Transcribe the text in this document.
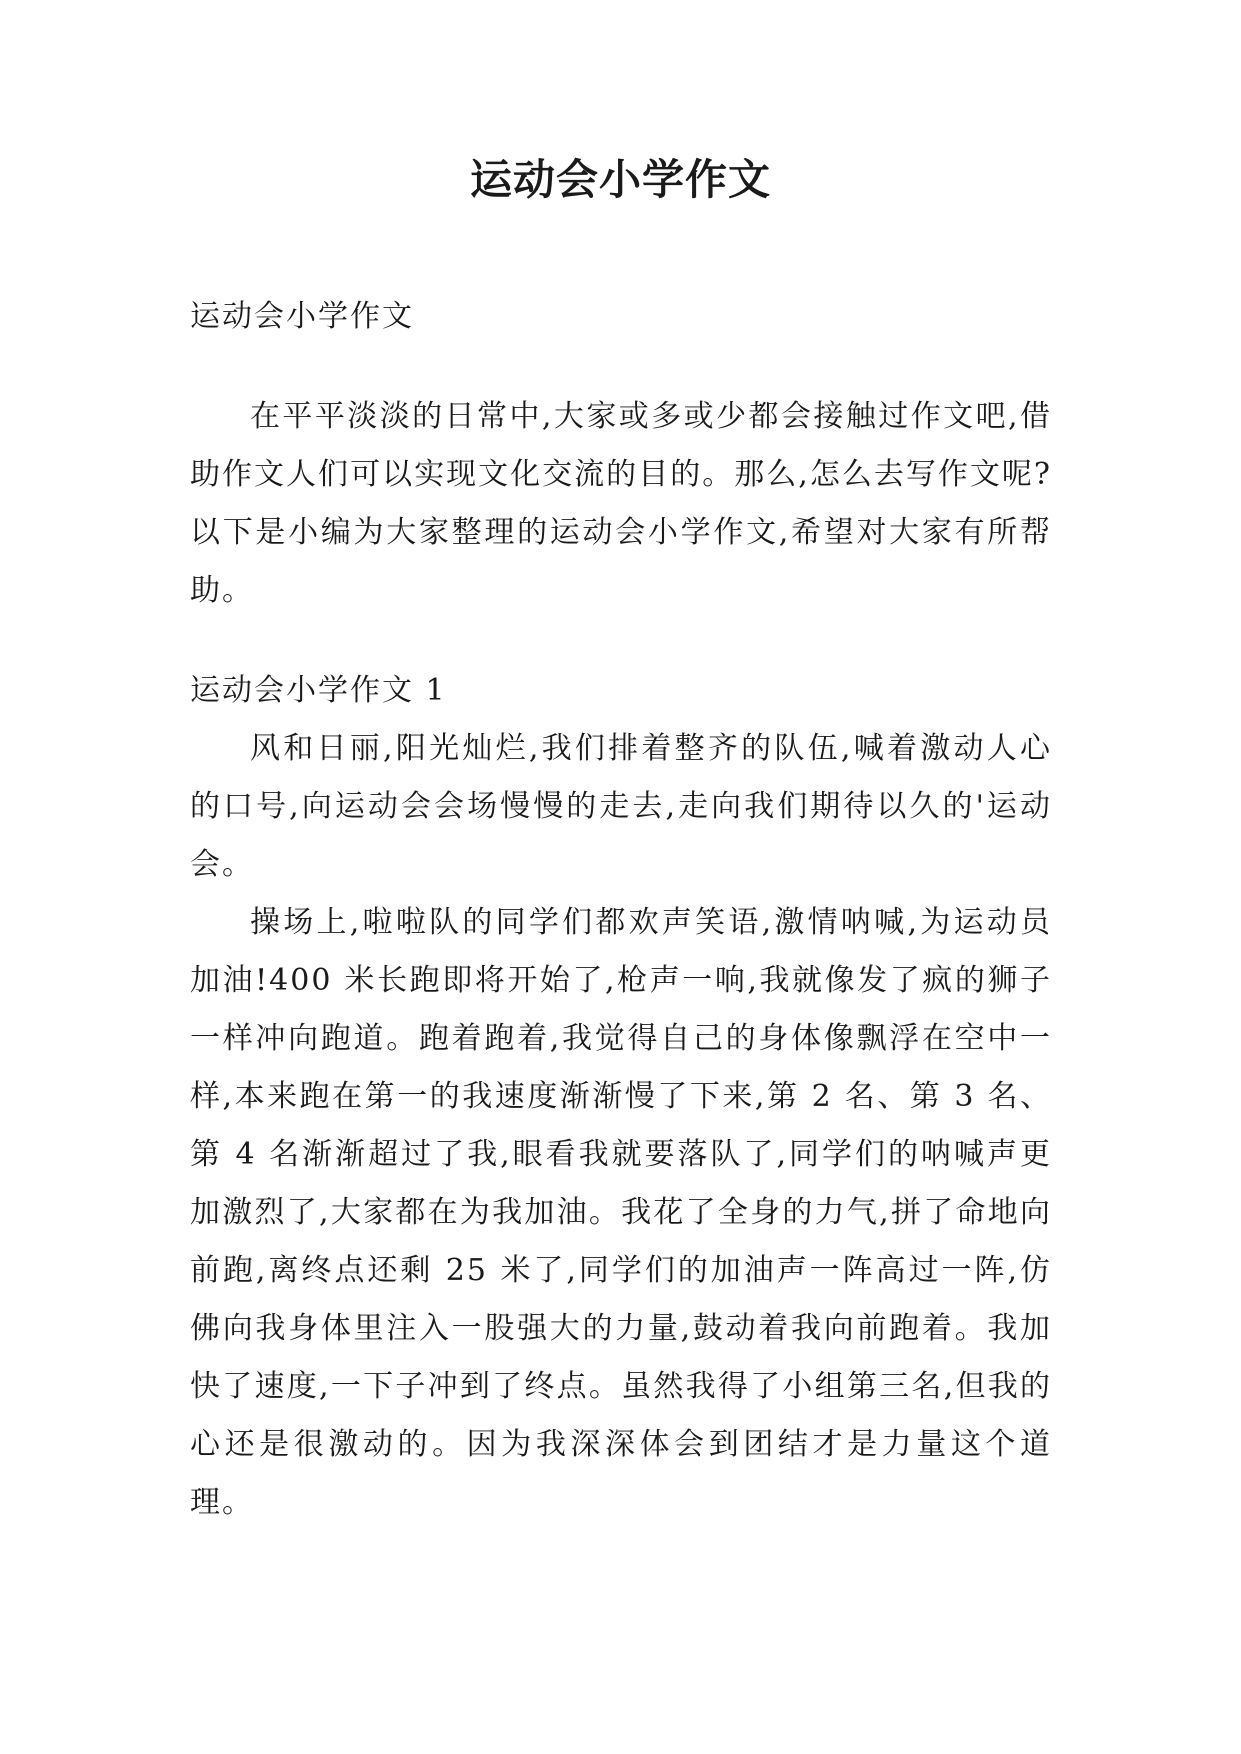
运动会小学作文

运动会小学作文

在平平淡淡的日常中,大家或多或少都会接触过作文吧,借助作文人们可以实现文化交流的目的。那么,怎么去写作文呢?以下是小编为大家整理的运动会小学作文,希望对大家有所帮助。

运动会小学作文 1

风和日丽,阳光灿烂,我们排着整齐的队伍,喊着激动人心的口号,向运动会会场慢慢的走去,走向我们期待以久的'运动会。

操场上,啦啦队的同学们都欢声笑语,激情呐喊,为运动员加油!400 米长跑即将开始了,枪声一响,我就像发了疯的狮子一样冲向跑道。跑着跑着,我觉得自己的身体像飘浮在空中一样,本来跑在第一的我速度渐渐慢了下来,第 2 名、第 3 名、第 4 名渐渐超过了我,眼看我就要落队了,同学们的呐喊声更加激烈了,大家都在为我加油。我花了全身的力气,拼了命地向前跑,离终点还剩 25 米了,同学们的加油声一阵高过一阵,仿佛向我身体里注入一股强大的力量,鼓动着我向前跑着。我加快了速度,一下子冲到了终点。虽然我得了小组第三名,但我的心还是很激动的。因为我深深体会到团结才是力量这个道理。
